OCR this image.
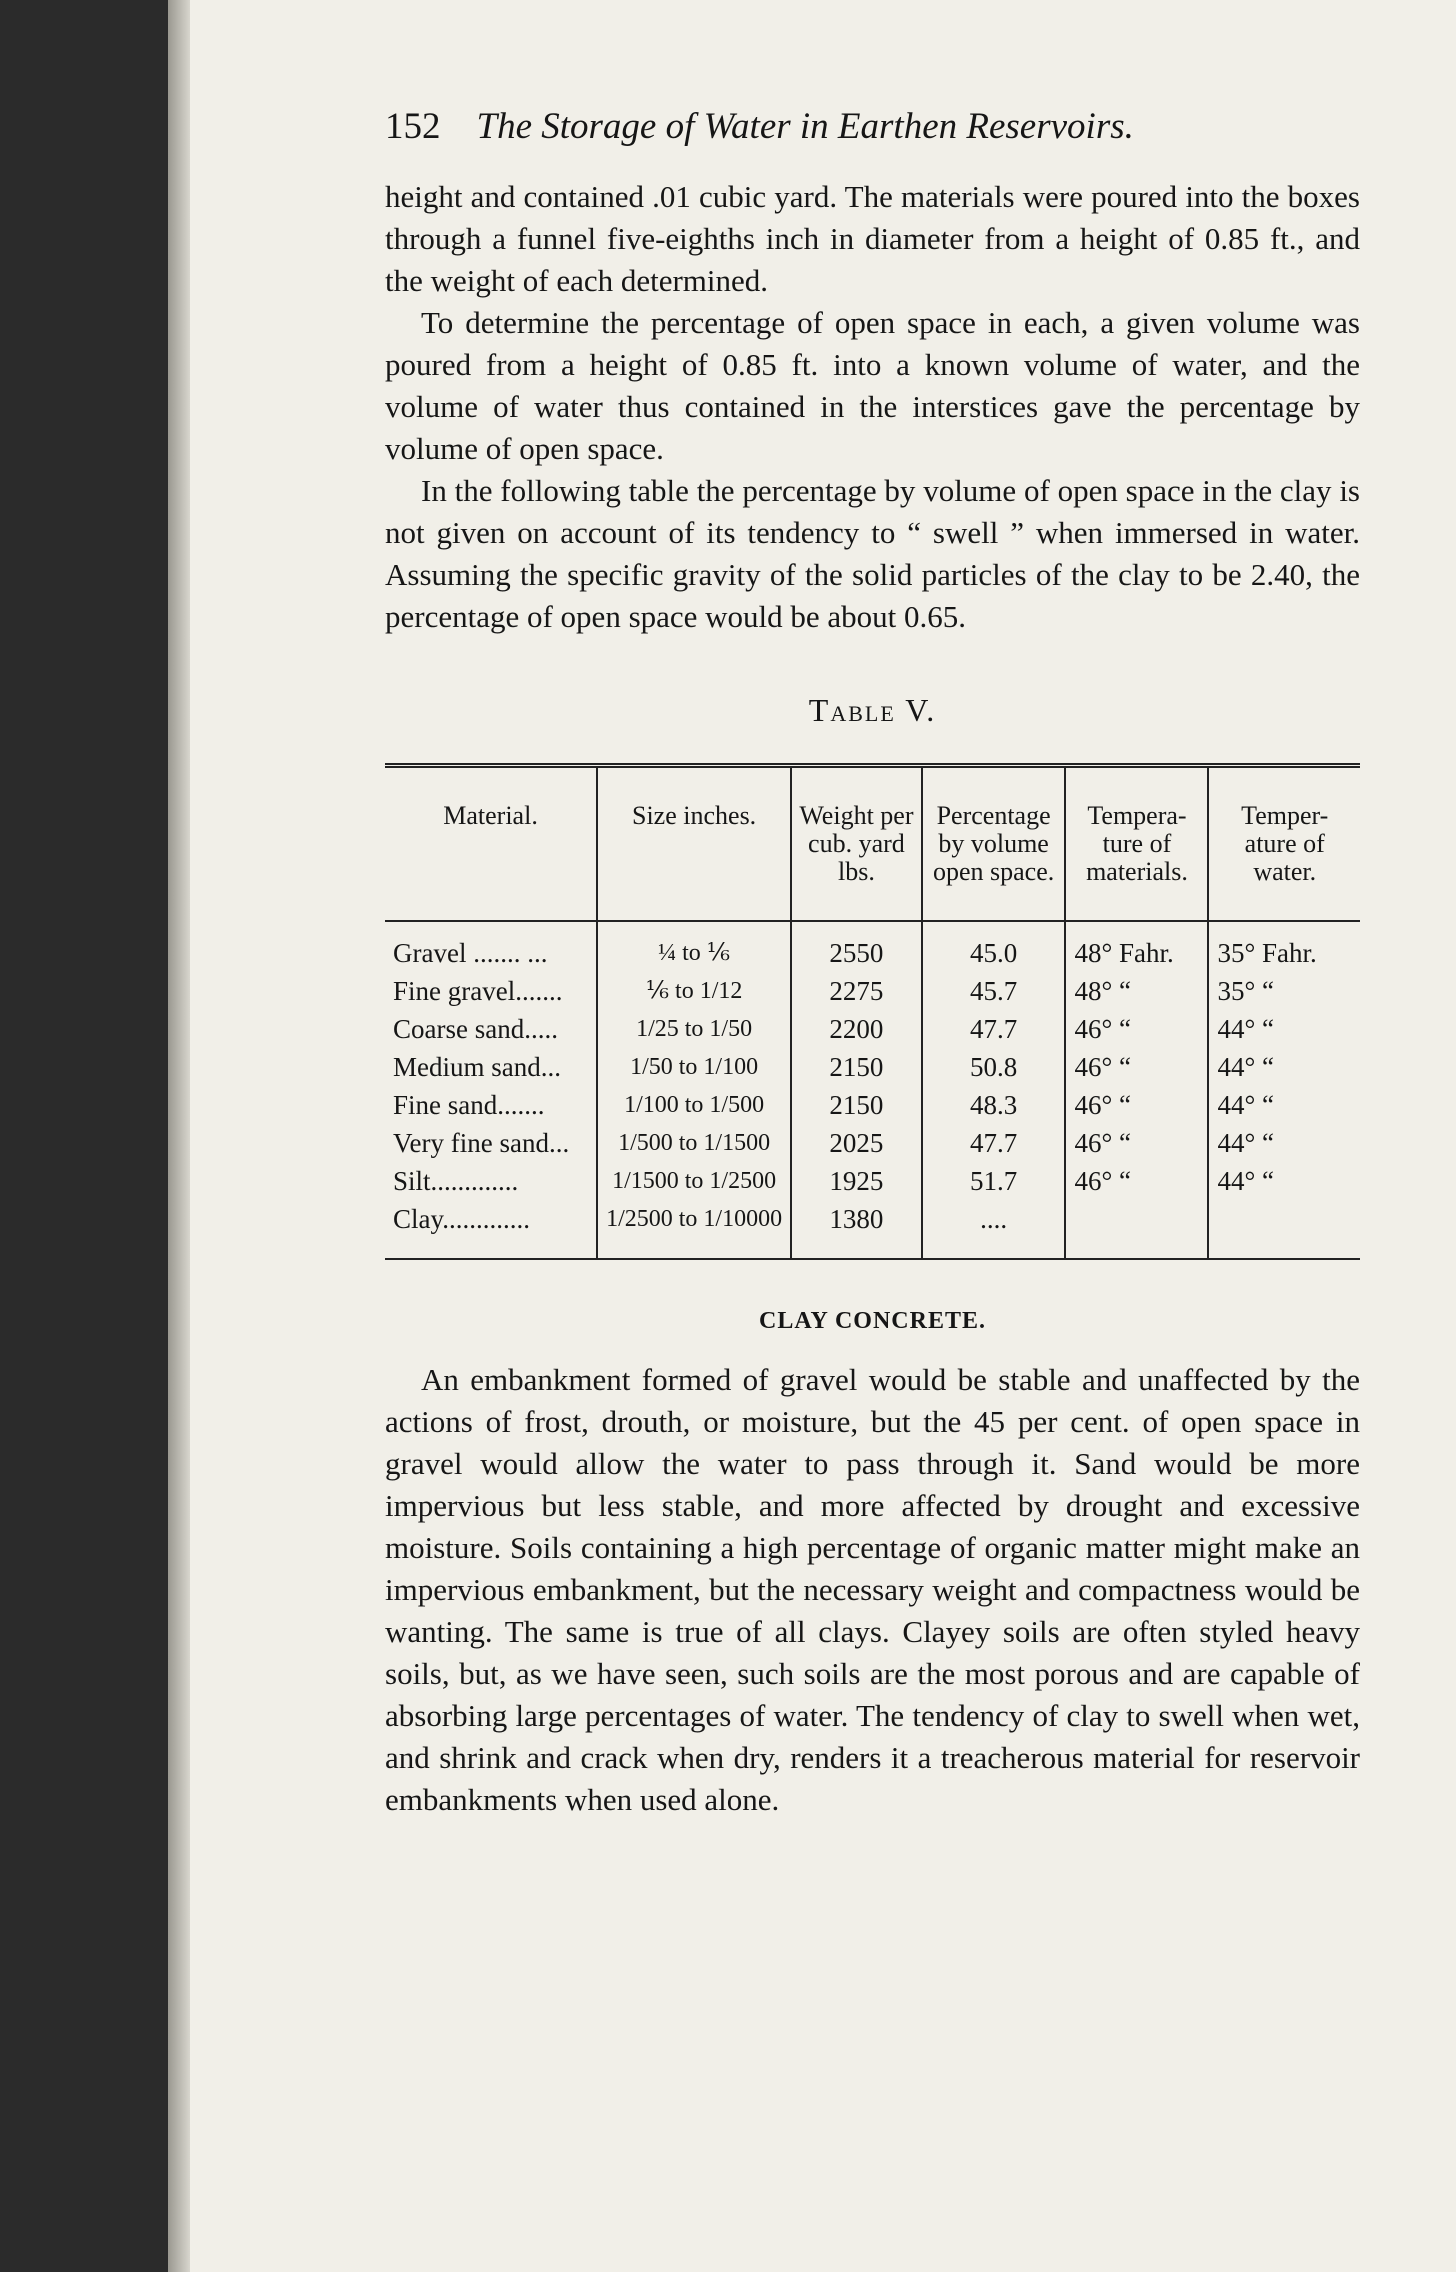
152 The Storage of Water in Earthen Reservoirs.

height and contained .01 cubic yard. The materials were poured into the boxes through a funnel five-eighths inch in diameter from a height of 0.85 ft., and the weight of each determined.

To determine the percentage of open space in each, a given volume was poured from a height of 0.85 ft. into a known volume of water, and the volume of water thus contained in the interstices gave the percentage by volume of open space.

In the following table the percentage by volume of open space in the clay is not given on account of its tendency to “ swell ” when immersed in water. Assuming the specific gravity of the solid particles of the clay to be 2.40, the percentage of open space would be about 0.65.

Table V.
Material.	Size inches.	Weight per cub. yard lbs.	Percentage by volume open space.	Tempera- ture of materials.	Temper- ature of water.
Gravel ....... ...	¼ to ⅙	2550	45.0	48° Fahr.	35° Fahr.
Fine gravel.......	⅙ to 1/12	2275	45.7	48° “	35° “
Coarse sand.....	1/25 to 1/50	2200	47.7	46° “	44° “
Medium sand...	1/50 to 1/100	2150	50.8	46° “	44° “
Fine sand.......	1/100 to 1/500	2150	48.3	46° “	44° “
Very fine sand...	1/500 to 1/1500	2025	47.7	46° “	44° “
Silt.............	1/1500 to 1/2500	1925	51.7	46° “	44° “
Clay.............	1/2500 to 1/10000	1380	....		
CLAY CONCRETE.

An embankment formed of gravel would be stable and unaffected by the actions of frost, drouth, or moisture, but the 45 per cent. of open space in gravel would allow the water to pass through it. Sand would be more impervious but less stable, and more affected by drought and excessive moisture. Soils containing a high percentage of organic matter might make an impervious embankment, but the necessary weight and compactness would be wanting. The same is true of all clays. Clayey soils are often styled heavy soils, but, as we have seen, such soils are the most porous and are capable of absorbing large percentages of water. The tendency of clay to swell when wet, and shrink and crack when dry, renders it a treacherous material for reservoir embankments when used alone.
